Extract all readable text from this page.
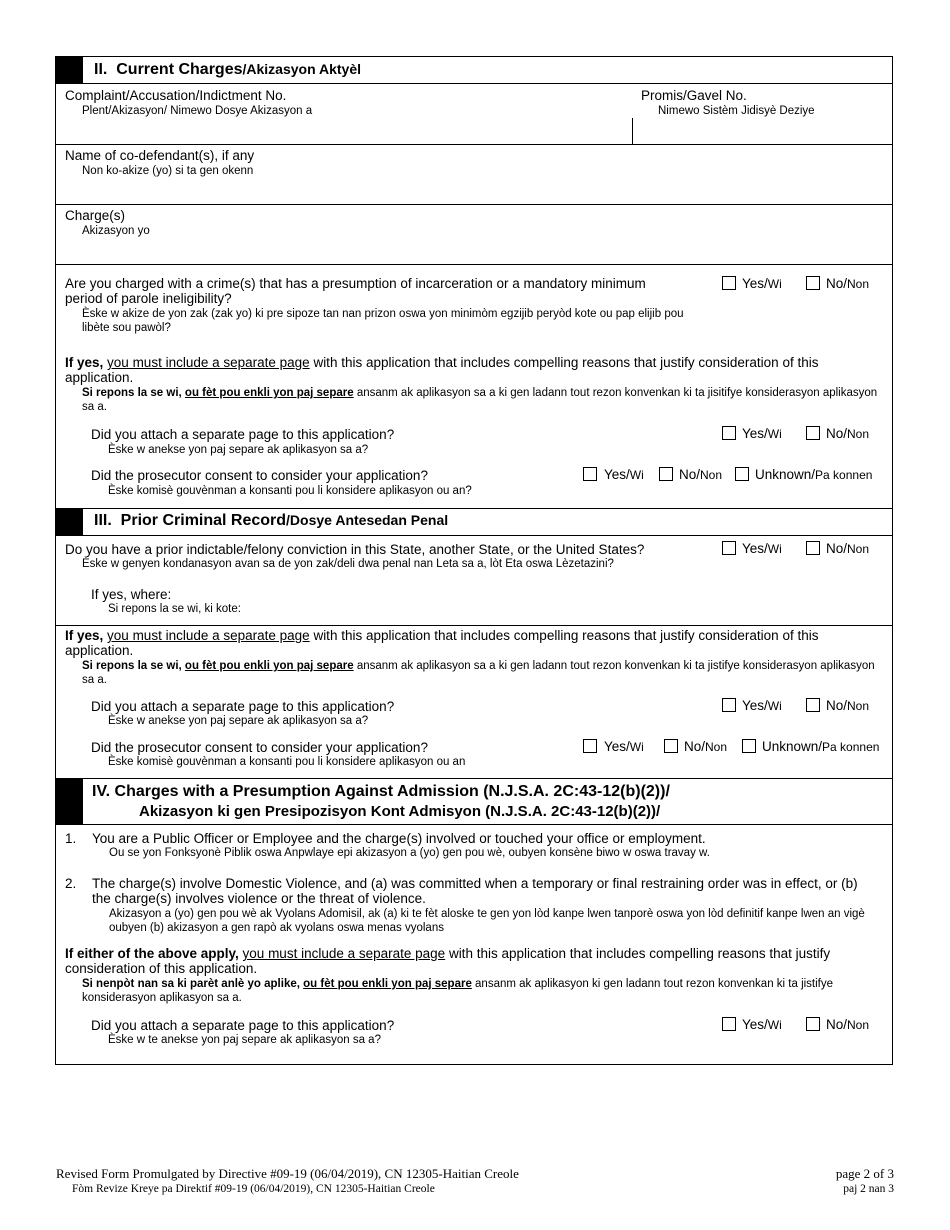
II. Current Charges/Akizasyon Aktyèl
Complaint/Accusation/Indictment No.
Plent/Akizasyon/ Nimewo Dosye Akizasyon a
Promis/Gavel No.
Nimewo Sistèm Jidisyè Deziye
Name of co-defendant(s), if any
Non ko-akize (yo) si ta gen okenn
Charge(s)
Akizasyon yo
Are you charged with a crime(s) that has a presumption of incarceration or a mandatory minimum period of parole ineligibility?
Èske w akize de yon zak (zak yo) ki pre sipoze tan nan prizon oswa yon minimòm egzijib peryòd kote ou pap elijib pou libète sou pawòl?
Yes/Wi	No/Non
If yes, you must include a separate page with this application that includes compelling reasons that justify consideration of this application.
Si repons la se wi, ou fèt pou enkli yon paj separe ansanm ak aplikasyon sa a ki gen ladann tout rezon konvenkan ki ta jisitifye konsiderasyon aplikasyon sa a.
Did you attach a separate page to this application?
Èske w anekse yon paj separe ak aplikasyon sa a?
Yes/Wi	No/Non
Did the prosecutor consent to consider your application?
Èske komisè gouvènman a konsanti pou li konsidere aplikasyon ou an?
Yes/Wi	No/Non Unknown/Pa konnen
III. Prior Criminal Record/Dosye Antesedan Penal
Do you have a prior indictable/felony conviction in this State, another State, or the United States?
Èske w genyen kondanasyon avan sa de yon zak/deli dwa penal nan Leta sa a, lòt Eta oswa Lèzetazini?
Yes/Wi	No/Non
If yes, where:
Si repons la se wi, ki kote:
If yes, you must include a separate page with this application that includes compelling reasons that justify consideration of this application.
Si repons la se wi, ou fèt pou enkli yon paj separe ansanm ak aplikasyon sa a ki gen ladann tout rezon konvenkan ki ta jistifye konsiderasyon aplikasyon sa a.
Did you attach a separate page to this application?
Èske w anekse yon paj separe ak aplikasyon sa a?
Yes/Wi	No/Non
Did the prosecutor consent to consider your application?
Èske komisè gouvènman a konsanti pou li konsidere aplikasyon ou an
Yes/Wi	No/Non	Unknown/Pa konnen
IV. Charges with a Presumption Against Admission (N.J.S.A. 2C:43-12(b)(2))/
Akizasyon ki gen Presipozisyon Kont Admisyon (N.J.S.A. 2C:43-12(b)(2))/
1. You are a Public Officer or Employee and the charge(s) involved or touched your office or employment.
Ou se yon Fonksyonè Piblik oswa Anpwlaye epi akizasyon a (yo) gen pou wè, oubyen konsène biwo w oswa travay w.
2. The charge(s) involve Domestic Violence, and (a) was committed when a temporary or final restraining order was in effect, or (b) the charge(s) involves violence or the threat of violence.
Akizasyon a (yo) gen pou wè ak Vyolans Adomisil, ak (a) ki te fèt aloske te gen yon lòd kanpe lwen tanporè oswa yon lòd definitif kanpe lwen an vigè oubyen (b) akizasyon a gen rapò ak vyolans oswa menas vyolans
If either of the above apply, you must include a separate page with this application that includes compelling reasons that justify consideration of this application.
Si nenpòt nan sa ki parèt anlè yo aplike, ou fèt pou enkli yon paj separe ansanm ak aplikasyon ki gen ladann tout rezon konvenkan ki ta jistifye konsiderasyon aplikasyon sa a.
Did you attach a separate page to this application?
Èske w te anekse yon paj separe ak aplikasyon sa a?
Yes/Wi	No/Non
Revised Form Promulgated by Directive #09-19 (06/04/2019), CN 12305-Haitian Creole
Fòm Revize Kreye pa Direktif #09-19 (06/04/2019), CN 12305-Haitian Creole
page 2 of 3
paj 2 nan 3
